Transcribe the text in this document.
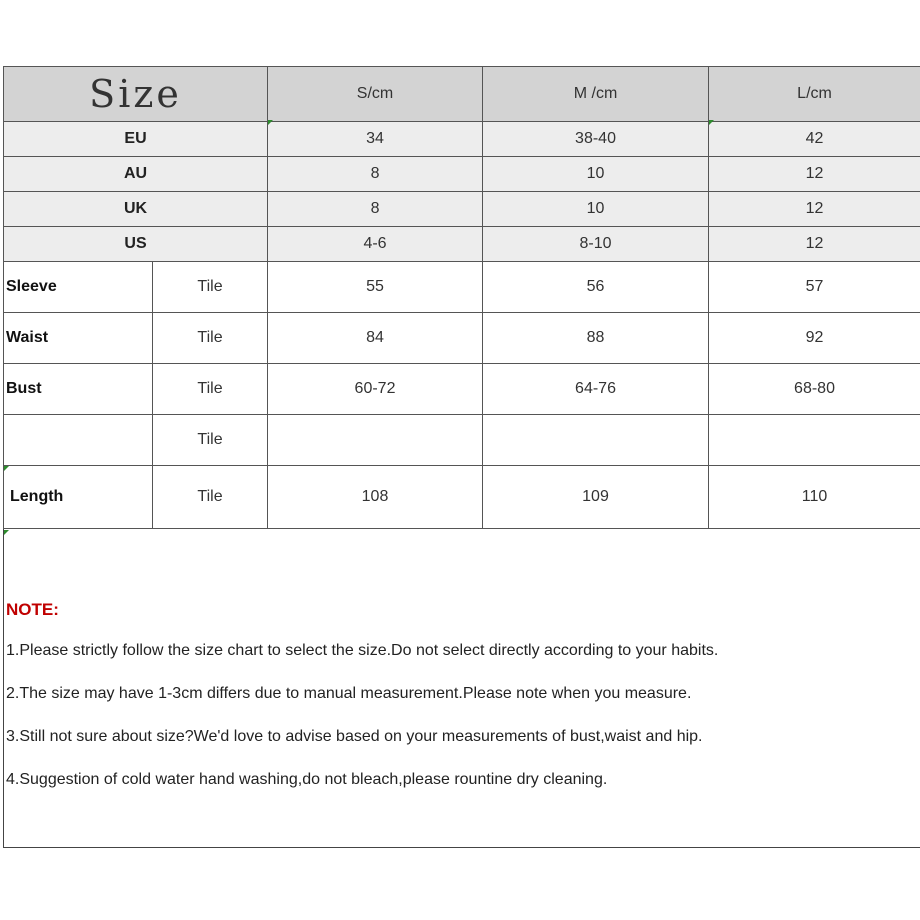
Size		S/cm	M /cm	L/cm
EU		34	38-40	42
AU		8	10	12
UK		8	10	12
US		4-6	8-10	12
Sleeve	Tile	55	56	57
Waist	Tile	84	88	92
Bust	Tile	60-72	64-76	68-80
	Tile			
Length	Tile	108	109	110
NOTE:
1.Please strictly follow the size chart to select the size.Do not select directly according to your habits.
2.The size may have 1-3cm differs due to manual measurement.Please note when you measure.
3.Still not sure about size?We'd love to advise based on your measurements of bust,waist and hip.
4.Suggestion of cold water hand washing,do not bleach,please rountine dry cleaning.
